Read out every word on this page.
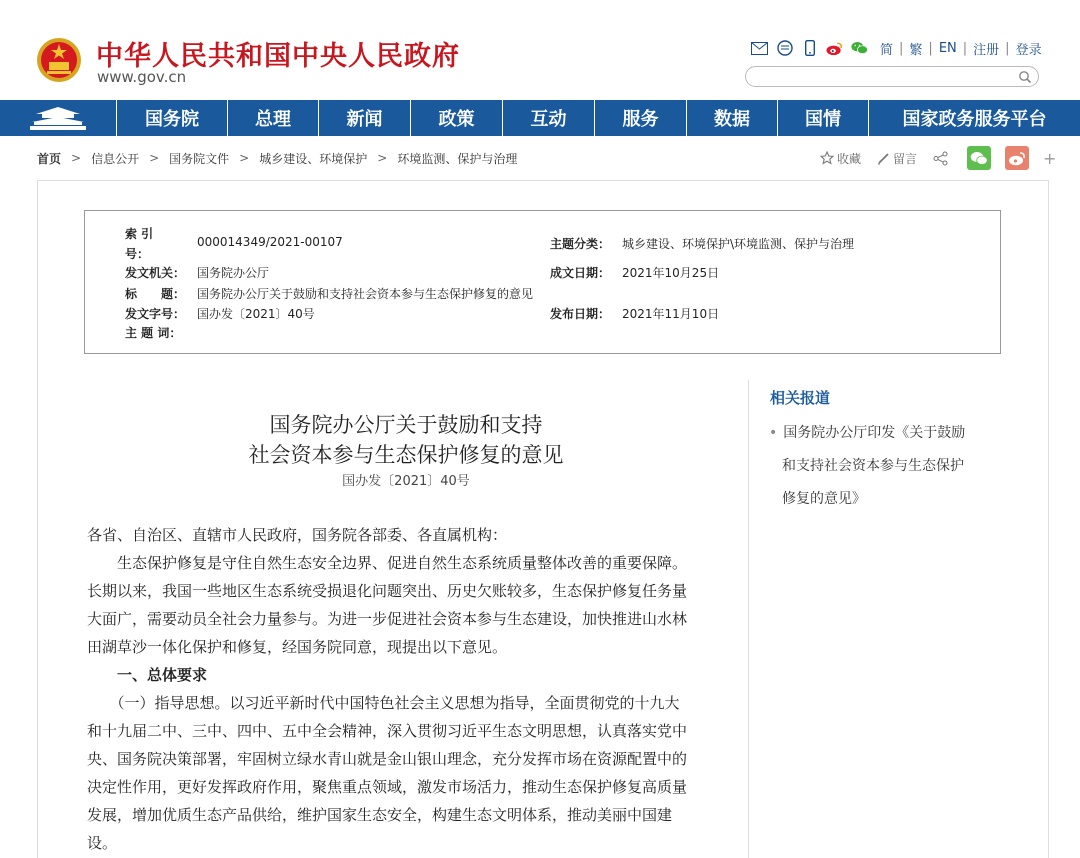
中华人民共和国中央人民政府
www.gov.cn
简 | 繁 | EN | 注册 | 登录
国务院	总理	新闻	政策	互动	服务	数据	国情	国家政务服务平台
首页 > 信息公开 > 国务院文件 > 城乡建设、环境保护 > 环境监测、保护与治理	收藏	留言	+
索 引
号：
000014349/2021-00107	主题分类： 城乡建设、环境保护\环境监测、保护与治理
发文机关： 国务院办公厅	成文日期： 2021年10月25日
标　　题： 国务院办公厅关于鼓励和支持社会资本参与生态保护修复的意见
发文字号： 国办发〔2021〕40号	发布日期： 2021年11月10日
主 题 词：
国务院办公厅关于鼓励和支持
社会资本参与生态保护修复的意见
国办发〔2021〕40号
各省、自治区、直辖市人民政府，国务院各部委、各直属机构：
　　生态保护修复是守住自然生态安全边界、促进自然生态系统质量整体改善的重要保障。
长期以来，我国一些地区生态系统受损退化问题突出、历史欠账较多，生态保护修复任务量
大面广，需要动员全社会力量参与。为进一步促进社会资本参与生态建设，加快推进山水林
田湖草沙一体化保护和修复，经国务院同意，现提出以下意见。
　　一、总体要求
　　（一）指导思想。以习近平新时代中国特色社会主义思想为指导，全面贯彻党的十九大
和十九届二中、三中、四中、五中全会精神，深入贯彻习近平生态文明思想，认真落实党中
央、国务院决策部署，牢固树立绿水青山就是金山银山理念，充分发挥市场在资源配置中的
决定性作用，更好发挥政府作用，聚焦重点领域，激发市场活力，推动生态保护修复高质量
发展，增加优质生态产品供给，维护国家生态安全，构建生态文明体系，推动美丽中国建
设。
相关报道
• 国务院办公厅印发《关于鼓励
和支持社会资本参与生态保护
修复的意见》
